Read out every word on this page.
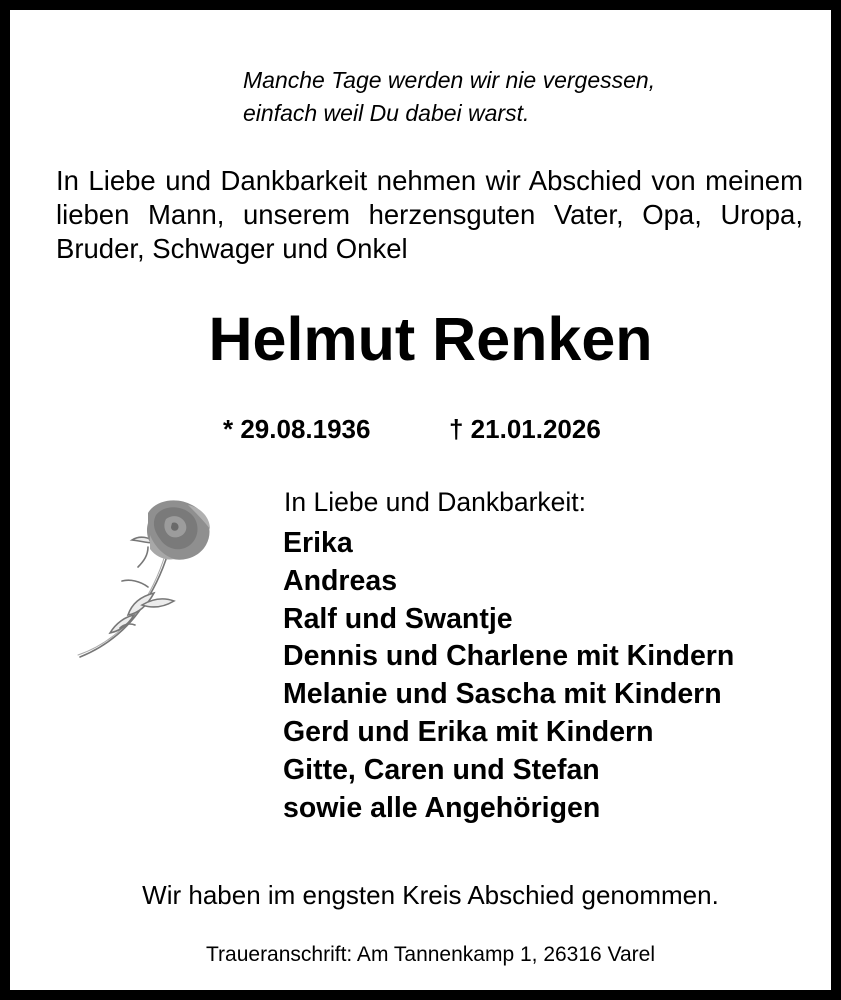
Manche Tage werden wir nie vergessen,
einfach weil Du dabei warst.

In Liebe und Dankbarkeit nehmen wir Abschied von meinem lieben Mann, unserem herzensguten Vater, Opa, Uropa, Bruder, Schwager und Onkel

Helmut Renken
* 29.08.1936	† 21.01.2026

In Liebe und Dankbarkeit:

Erika
Andreas
Ralf und Swantje
Dennis und Charlene mit Kindern
Melanie und Sascha mit Kindern
Gerd und Erika mit Kindern
Gitte, Caren und Stefan
sowie alle Angehörigen

Wir haben im engsten Kreis Abschied genommen.

Traueranschrift: Am Tannenkamp 1, 26316 Varel
